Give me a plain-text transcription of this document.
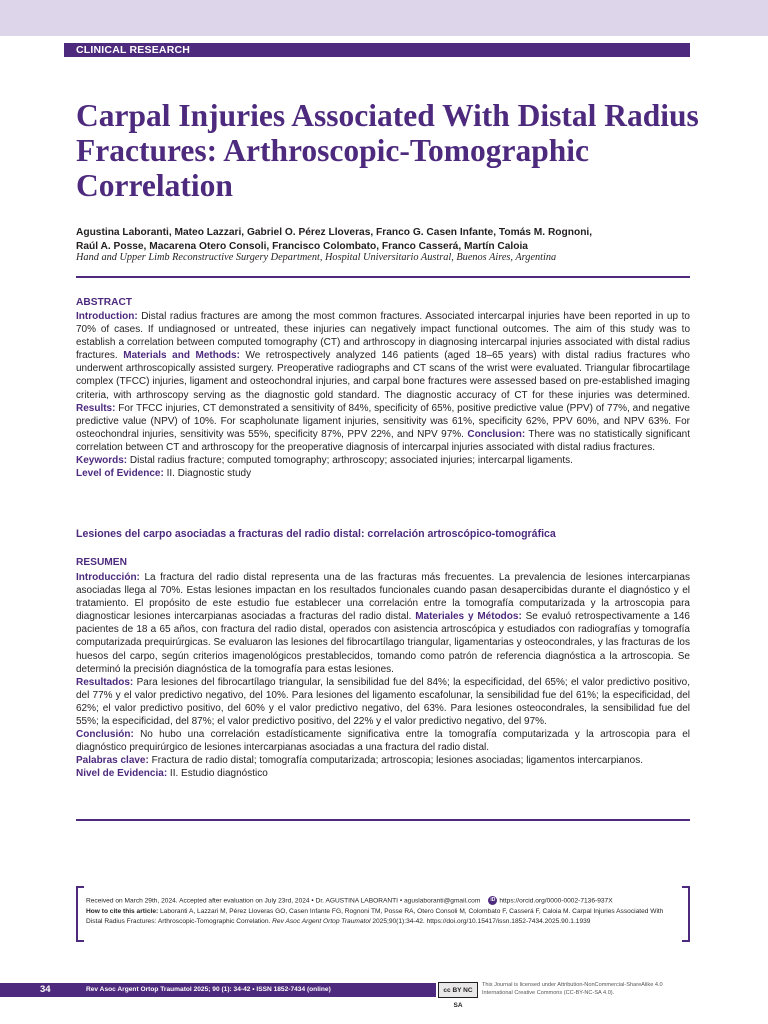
CLINICAL RESEARCH
Carpal Injuries Associated With Distal Radius Fractures: Arthroscopic-Tomographic Correlation
Agustina Laboranti, Mateo Lazzari, Gabriel O. Pérez Lloveras, Franco G. Casen Infante, Tomás M. Rognoni,
Raúl A. Posse, Macarena Otero Consoli, Francisco Colombato, Franco Casserá, Martín Caloia
Hand and Upper Limb Reconstructive Surgery Department, Hospital Universitario Austral, Buenos Aires, Argentina
ABSTRACT
Introduction: Distal radius fractures are among the most common fractures. Associated intercarpal injuries have been reported in up to 70% of cases. If undiagnosed or untreated, these injuries can negatively impact functional outcomes. The aim of this study was to establish a correlation between computed tomography (CT) and arthroscopy in diagnosing intercarpal injuries associated with distal radius fractures. Materials and Methods: We retrospectively analyzed 146 patients (aged 18–65 years) with distal radius fractures who underwent arthroscopically assisted surgery. Preoperative radiographs and CT scans of the wrist were evaluated. Triangular fibrocartilage complex (TFCC) injuries, ligament and osteochondral injuries, and carpal bone fractures were assessed based on pre-established imaging criteria, with arthroscopy serving as the diagnostic gold standard. The diagnostic accuracy of CT for these injuries was determined. Results: For TFCC injuries, CT demonstrated a sensitivity of 84%, specificity of 65%, positive predictive value (PPV) of 77%, and negative predictive value (NPV) of 10%. For scapholunate ligament injuries, sensitivity was 61%, specificity 62%, PPV 60%, and NPV 63%. For osteochondral injuries, sensitivity was 55%, specificity 87%, PPV 22%, and NPV 97%. Conclusion: There was no statistically significant correlation between CT and arthroscopy for the preoperative diagnosis of intercarpal injuries associated with distal radius fractures.
Keywords: Distal radius fracture; computed tomography; arthroscopy; associated injuries; intercarpal ligaments.
Level of Evidence: II. Diagnostic study
Lesiones del carpo asociadas a fracturas del radio distal: correlación artroscópico-tomográfica
RESUMEN
Introducción: La fractura del radio distal representa una de las fracturas más frecuentes. La prevalencia de lesiones intercarpianas asociadas llega al 70%. Estas lesiones impactan en los resultados funcionales cuando pasan desapercibidas durante el diagnóstico y el tratamiento. El propósito de este estudio fue establecer una correlación entre la tomografía computarizada y la artroscopia para diagnosticar lesiones intercarpianas asociadas a fracturas del radio distal. Materiales y Métodos: Se evaluó retrospectivamente a 146 pacientes de 18 a 65 años, con fractura del radio distal, operados con asistencia artroscópica y estudiados con radiografías y tomografía computarizada prequirúrgicas. Se evaluaron las lesiones del fibrocartílago triangular, ligamentarias y osteocondrales, y las fracturas de los huesos del carpo, según criterios imagenológicos prestablecidos, tomando como patrón de referencia diagnóstica a la artroscopia. Se determinó la precisión diagnóstica de la tomografía para estas lesiones.
Resultados: Para lesiones del fibrocartílago triangular, la sensibilidad fue del 84%; la especificidad, del 65%; el valor predictivo positivo, del 77% y el valor predictivo negativo, del 10%. Para lesiones del ligamento escafolunar, la sensibilidad fue del 61%; la especificidad, del 62%; el valor predictivo positivo, del 60% y el valor predictivo negativo, del 63%. Para lesiones osteocondrales, la sensibilidad fue del 55%; la especificidad, del 87%; el valor predictivo positivo, del 22% y el valor predictivo negativo, del 97%.
Conclusión: No hubo una correlación estadísticamente significativa entre la tomografía computarizada y la artroscopia para el diagnóstico prequirúrgico de lesiones intercarpianas asociadas a una fractura del radio distal.
Palabras clave: Fractura de radio distal; tomografía computarizada; artroscopia; lesiones asociadas; ligamentos intercarpianos.
Nivel de Evidencia: II. Estudio diagnóstico
Received on March 29th, 2024. Accepted after evaluation on July 23rd, 2024 • Dr. AGUSTINA LABORANTI • aguslaboranti@gmail.com iD https://orcid.org/0000-0002-7136-937X
How to cite this article: Laboranti A, Lazzari M, Pérez Lloveras GO, Casen Infante FG, Rognoni TM, Posse RA, Otero Consoli M, Colombato F, Casserá F, Caloia M. Carpal Injuries Associated With Distal Radius Fractures: Arthroscopic-Tomographic Correlation. Rev Asoc Argent Ortop Traumatol 2025;90(1):34-42. https://doi.org/10.15417/issn.1852-7434.2025.90.1.1939
34	Rev Asoc Argent Ortop Traumatol 2025; 90 (1): 34-42 • ISSN 1852-7434 (online)	cc BY NC SA
This Journal is licensed under Attribution-NonCommercial-ShareAlike 4.0 International Creative Commons (CC-BY-NC-SA 4.0).
